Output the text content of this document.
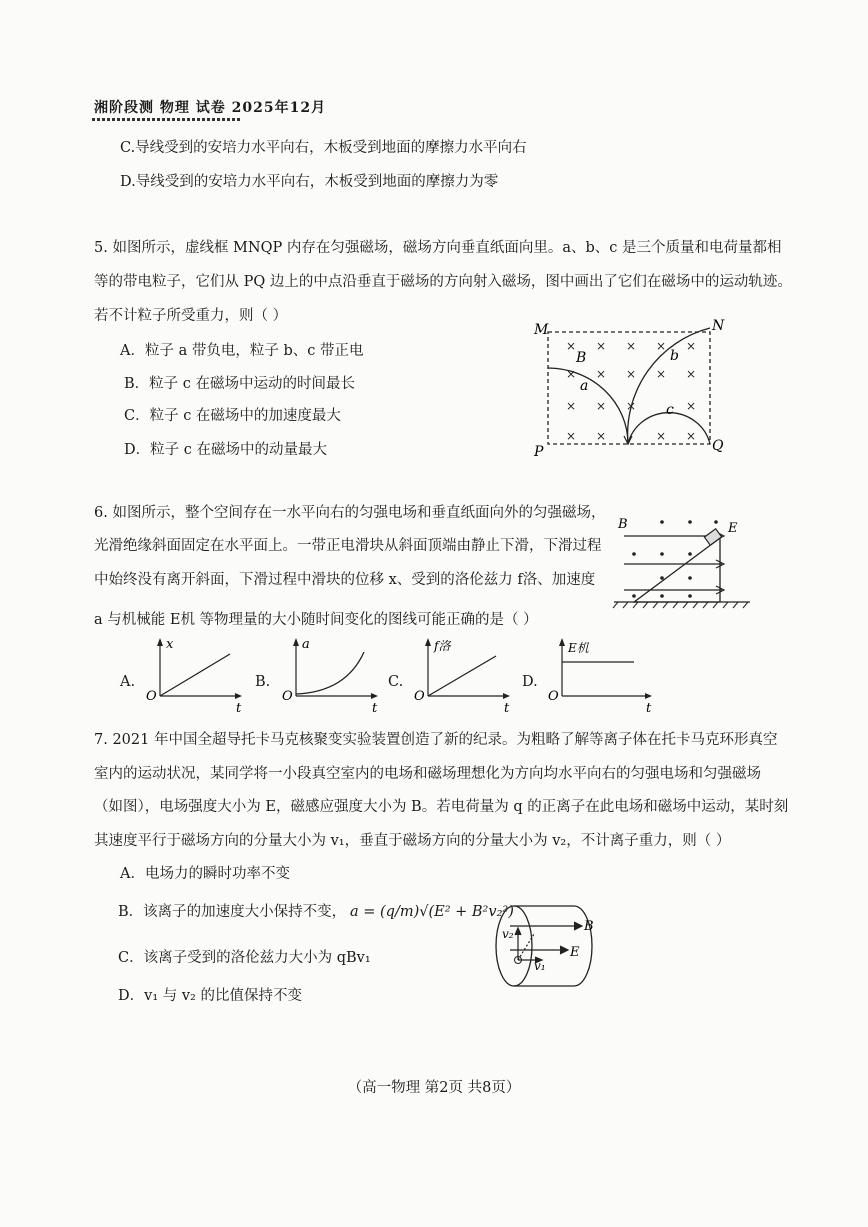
湘阶段测 物理 试卷 2025年12月
C.导线受到的安培力水平向右，木板受到地面的摩擦力水平向右
D.导线受到的安培力水平向右，木板受到地面的摩擦力为零
5. 如图所示，虚线框 MNQP 内存在匀强磁场，磁场方向垂直纸面向里。a、b、c 是三个质量和电荷量都相
等的带电粒子，它们从 PQ 边上的中点沿垂直于磁场的方向射入磁场，图中画出了它们在磁场中的运动轨迹。
若不计粒子所受重力，则（ ）
A．粒子 a 带负电，粒子 b、c 带正电
B．粒子 c 在磁场中运动的时间最长
C．粒子 c 在磁场中的加速度最大
D．粒子 c 在磁场中的动量最大
× × × × ×
× × × × ×
× × ×	×
× ×	× ×
M	N
P	Q
B
a
b
c
6. 如图所示，整个空间存在一水平向右的匀强电场和垂直纸面向外的匀强磁场，
光滑绝缘斜面固定在水平面上。一带正电滑块从斜面顶端由静止下滑，下滑过程
中始终没有离开斜面，下滑过程中滑块的位移 x、受到的洛伦兹力 f洛、加速度
a 与机械能 E机 等物理量的大小随时间变化的图线可能正确的是（ ）
B	E
A.
x
t
O
B.
a
t
O
C.
f洛
t
O
D.
E机
t
O
7. 2021 年中国全超导托卡马克核聚变实验装置创造了新的纪录。为粗略了解等离子体在托卡马克环形真空
室内的运动状况，某同学将一小段真空室内的电场和磁场理想化为方向均水平向右的匀强电场和匀强磁场
（如图），电场强度大小为 E，磁感应强度大小为 B。若电荷量为 q 的正离子在此电场和磁场中运动，某时刻
其速度平行于磁场方向的分量大小为 v₁，垂直于磁场方向的分量大小为 v₂，不计离子重力，则（ ）
A．电场力的瞬时功率不变
B．该离子的加速度大小保持不变， a = (q/m)√(E² + B²v₂²)
C．该离子受到的洛伦兹力大小为 qBv₁
D．v₁ 与 v₂ 的比值保持不变
B
E
v₂
v₁
（高一物理 第2页 共8页）
